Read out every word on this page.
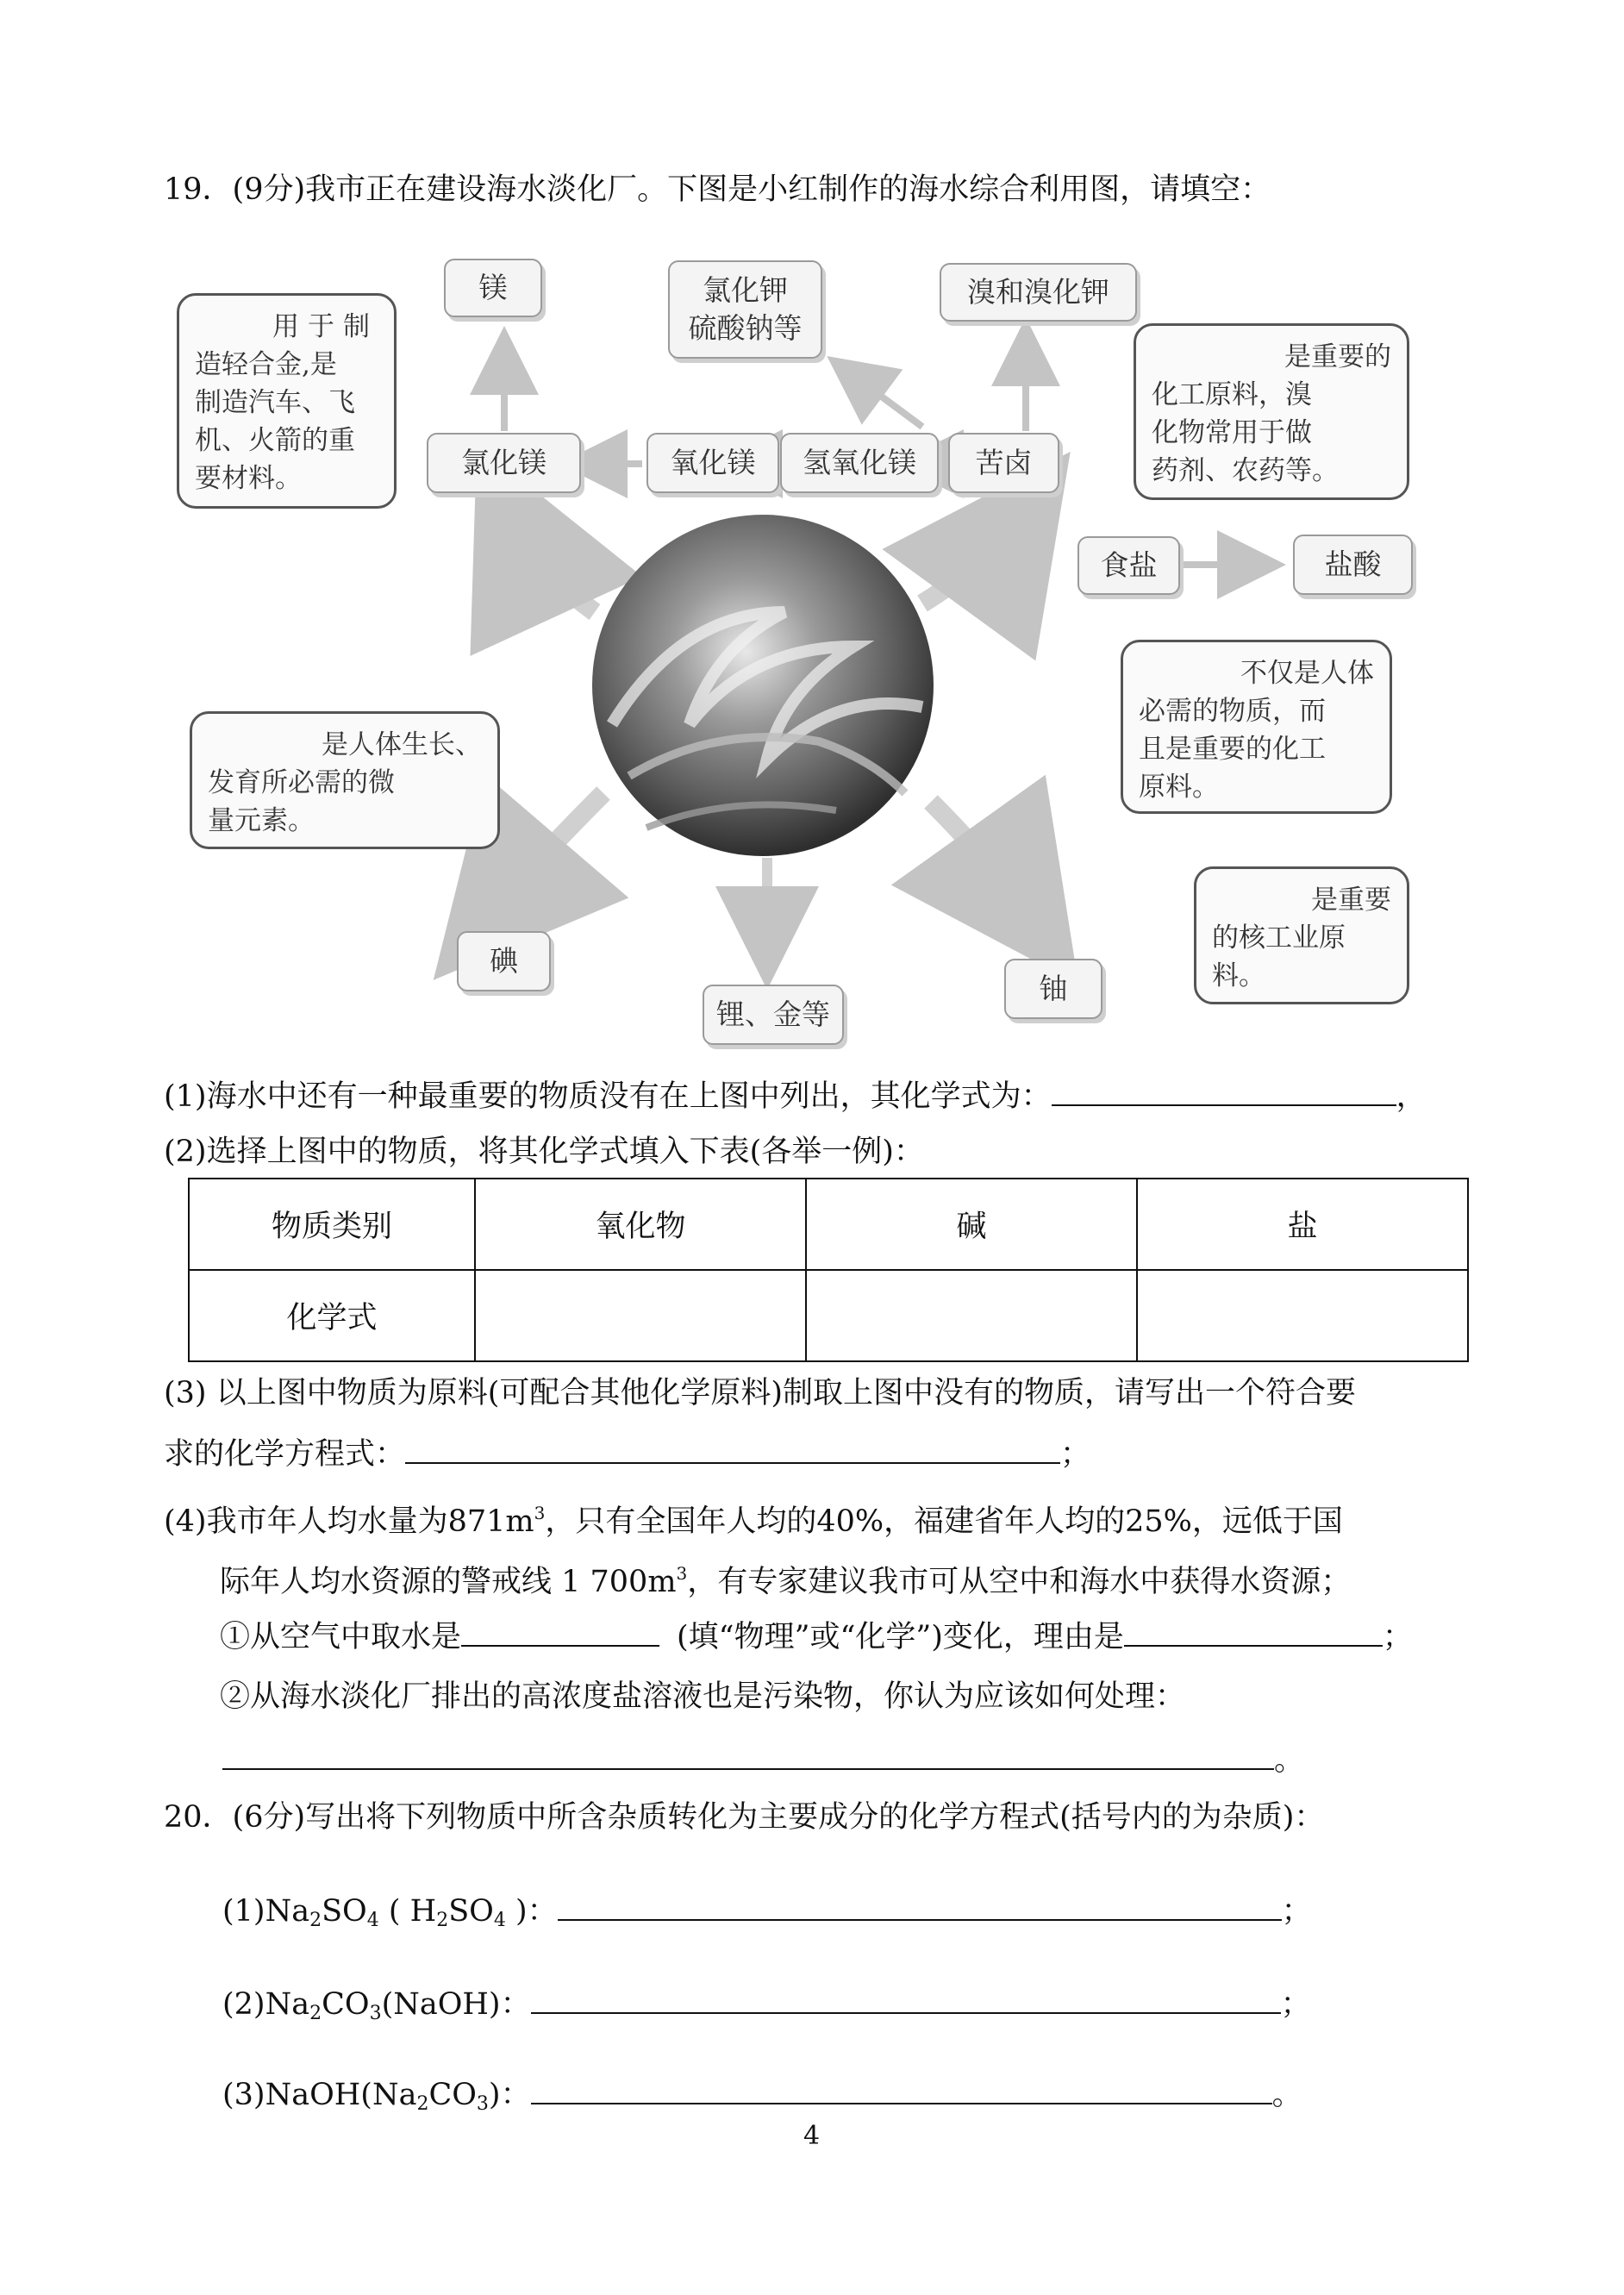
19．(9分)我市正在建设海水淡化厂。下图是小红制作的海水综合利用图，请填空：
镁	氯化钾
硫酸钠等
溴和溴化钾
氯化镁	氧化镁	氢氧化镁	苦卤
食盐	盐酸
碘
锂、金等
铀
用于制
造轻合金,是
制造汽车、飞
机、火箭的重
要材料。
是重要的
化工原料，溴
化物常用于做
药剂、农药等。
不仅是人体
必需的物质，而
且是重要的化工
原料。
是人体生长、
发育所必需的微
量元素。
是重要
的核工业原
料。
(1)海水中还有一种最重要的物质没有在上图中列出，其化学式为：	，
(2)选择上图中的物质，将其化学式填入下表(各举一例)：
物质类别	氧化物	碱	盐
化学式			
(3) 以上图中物质为原料(可配合其他化学原料)制取上图中没有的物质，请写出一个符合要
求的化学方程式：	；
(4)我市年人均水量为$871m^3$，只有全国年人均的40%，福建省年人均的25%，远低于国
际年人均水资源的警戒线 1 $700m^3$，有专家建议我市可从空中和海水中获得水资源；
①从空气中取水是	(填“物理”或“化学”)变化，理由是	；
②从海水淡化厂排出的高浓度盐溶液也是污染物，你认为应该如何处理：
。
20．(6分)写出将下列物质中所含杂质转化为主要成分的化学方程式(括号内的为杂质)：
$(1)Na_2SO_4$ ( $H_2SO_4$ )：	；
$(2)Na_2CO_3(NaOH)$：	；
$(3)NaOH(Na_2CO_3)$：	。
4
